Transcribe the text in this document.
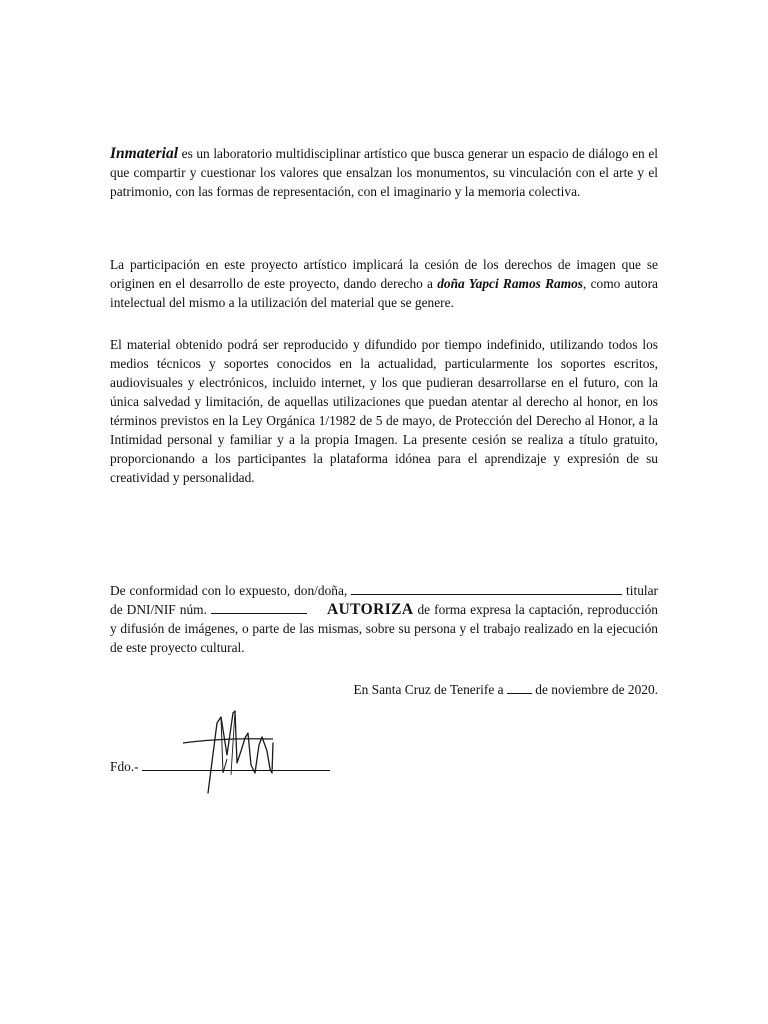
Inmaterial es un laboratorio multidisciplinar artístico que busca generar un espacio de diálogo en el que compartir y cuestionar los valores que ensalzan los monumentos, su vinculación con el arte y el patrimonio, con las formas de representación, con el imaginario y la memoria colectiva.

La participación en este proyecto artístico implicará la cesión de los derechos de imagen que se originen en el desarrollo de este proyecto, dando derecho a doña Yapci Ramos Ramos, como autora intelectual del mismo a la utilización del material que se genere.

El material obtenido podrá ser reproducido y difundido por tiempo indefinido, utilizando todos los medios técnicos y soportes conocidos en la actualidad, particularmente los soportes escritos, audiovisuales y electrónicos, incluido internet, y los que pudieran desarrollarse en el futuro, con la única salvedad y limitación, de aquellas utilizaciones que puedan atentar al derecho al honor, en los términos previstos en la Ley Orgánica 1/1982 de 5 de mayo, de Protección del Derecho al Honor, a la Intimidad personal y familiar y a la propia Imagen. La presente cesión se realiza a título gratuito, proporcionando a los participantes la plataforma idónea para el aprendizaje y expresión de su creatividad y personalidad.

De conformidad con lo expuesto, don/doña,	titular de DNI/NIF núm.	AUTORIZA de forma expresa la captación, reproducción y difusión de imágenes, o parte de las mismas, sobre su persona y el trabajo realizado en la ejecución de este proyecto cultural.

En Santa Cruz de Tenerife a  de noviembre de 2020.
Fdo.-
